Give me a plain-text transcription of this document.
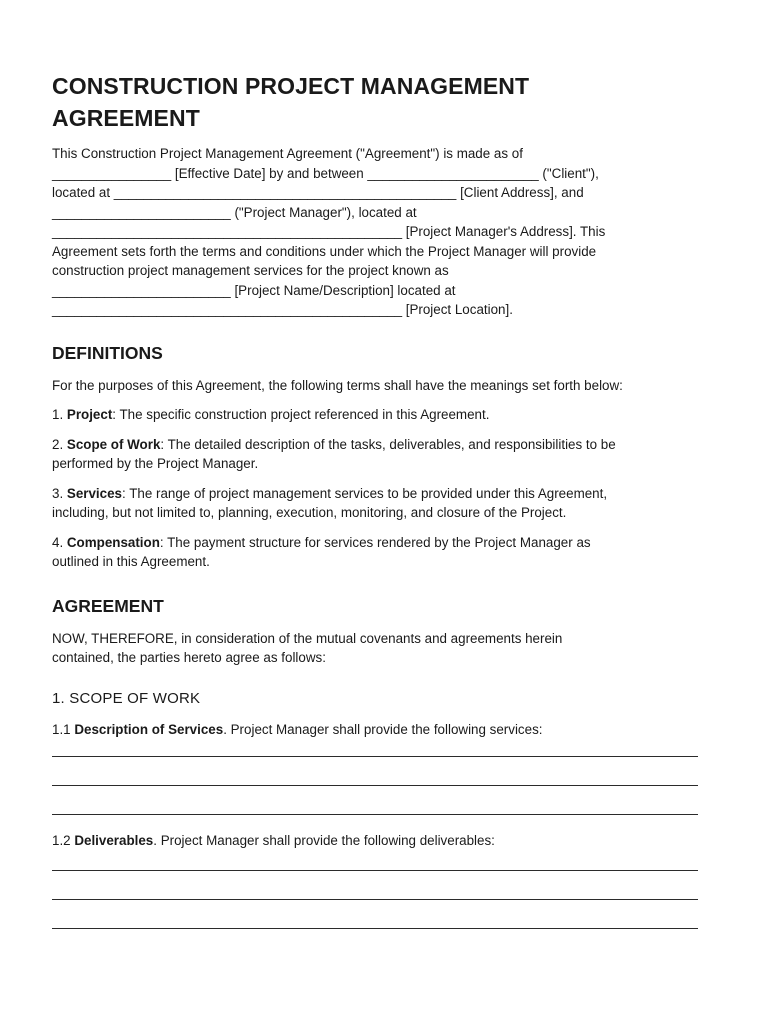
CONSTRUCTION PROJECT MANAGEMENT
AGREEMENT

This Construction Project Management Agreement ("Agreement") is made as of

________________ [Effective Date] by and between _______________________ ("Client"),

located at ______________________________________________ [Client Address], and

________________________ ("Project Manager"), located at

_______________________________________________ [Project Manager's Address]. This

Agreement sets forth the terms and conditions under which the Project Manager will provide

construction project management services for the project known as

________________________ [Project Name/Description] located at

_______________________________________________ [Project Location].

DEFINITIONS

For the purposes of this Agreement, the following terms shall have the meanings set forth below:

1. Project: The specific construction project referenced in this Agreement.

2. Scope of Work: The detailed description of the tasks, deliverables, and responsibilities to be
performed by the Project Manager.

3. Services: The range of project management services to be provided under this Agreement,
including, but not limited to, planning, execution, monitoring, and closure of the Project.

4. Compensation: The payment structure for services rendered by the Project Manager as
outlined in this Agreement.

AGREEMENT

NOW, THEREFORE, in consideration of the mutual covenants and agreements herein
contained, the parties hereto agree as follows:

1. SCOPE OF WORK

1.1 Description of Services. Project Manager shall provide the following services:

1.2 Deliverables. Project Manager shall provide the following deliverables:
